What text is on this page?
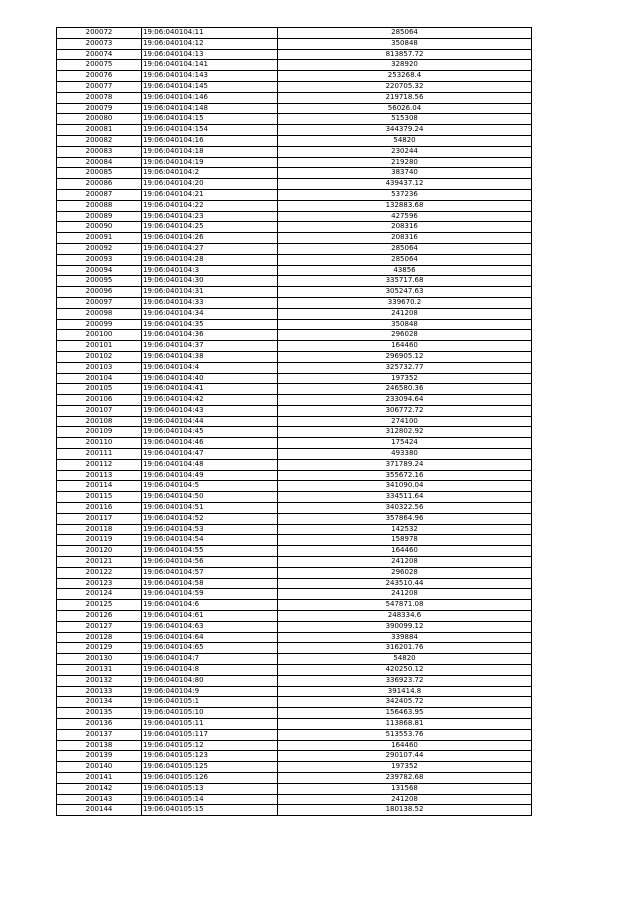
200072	19:06:040104:11	285064
200073	19:06:040104:12	350848
200074	19:06:040104:13	813857.72
200075	19:06:040104:141	328920
200076	19:06:040104:143	253268.4
200077	19:06:040104:145	220705.32
200078	19:06:040104:146	219718.56
200079	19:06:040104:148	56026.04
200080	19:06:040104:15	515308
200081	19:06:040104:154	344379.24
200082	19:06:040104:16	54820
200083	19:06:040104:18	230244
200084	19:06:040104:19	219280
200085	19:06:040104:2	383740
200086	19:06:040104:20	439437.12
200087	19:06:040104:21	537236
200088	19:06:040104:22	132883.68
200089	19:06:040104:23	427596
200090	19:06:040104:25	208316
200091	19:06:040104:26	208316
200092	19:06:040104:27	285064
200093	19:06:040104:28	285064
200094	19:06:040104:3	43856
200095	19:06:040104:30	335717.68
200096	19:06:040104:31	305247.63
200097	19:06:040104:33	339670.2
200098	19:06:040104:34	241208
200099	19:06:040104:35	350848
200100	19:06:040104:36	296028
200101	19:06:040104:37	164460
200102	19:06:040104:38	296905.12
200103	19:06:040104:4	325732.77
200104	19:06:040104:40	197352
200105	19:06:040104:41	246580.36
200106	19:06:040104:42	233094.64
200107	19:06:040104:43	306772.72
200108	19:06:040104:44	274100
200109	19:06:040104:45	312802.92
200110	19:06:040104:46	175424
200111	19:06:040104:47	493380
200112	19:06:040104:48	371789.24
200113	19:06:040104:49	355672.16
200114	19:06:040104:5	341090.04
200115	19:06:040104:50	334511.64
200116	19:06:040104:51	340322.56
200117	19:06:040104:52	357864.96
200118	19:06:040104:53	142532
200119	19:06:040104:54	158978
200120	19:06:040104:55	164460
200121	19:06:040104:56	241208
200122	19:06:040104:57	296028
200123	19:06:040104:58	243510.44
200124	19:06:040104:59	241208
200125	19:06:040104:6	547871.08
200126	19:06:040104:61	248334.6
200127	19:06:040104:63	390099.12
200128	19:06:040104:64	339884
200129	19:06:040104:65	316201.76
200130	19:06:040104:7	54820
200131	19:06:040104:8	420250.12
200132	19:06:040104:80	336923.72
200133	19:06:040104:9	391414.8
200134	19:06:040105:1	342405.72
200135	19:06:040105:10	156463.95
200136	19:06:040105:11	113868.81
200137	19:06:040105:117	513553.76
200138	19:06:040105:12	164460
200139	19:06:040105:123	290107.44
200140	19:06:040105:125	197352
200141	19:06:040105:126	239782.68
200142	19:06:040105:13	131568
200143	19:06:040105:14	241208
200144	19:06:040105:15	180138.52
